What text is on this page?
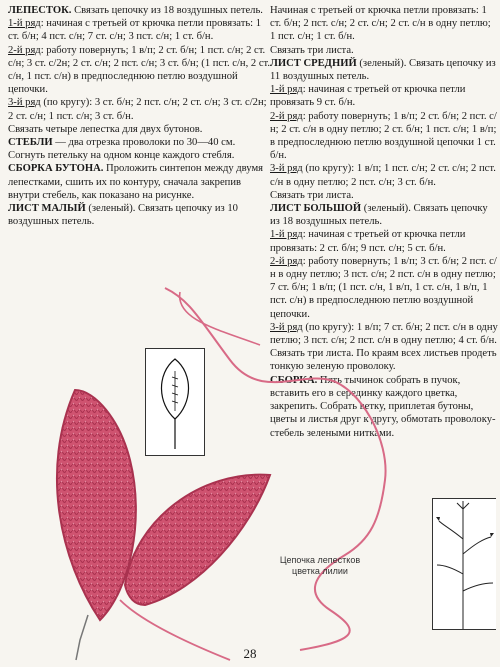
ЛЕПЕСТОК. Связать цепочку из 18 воздушных петель.

1-й ряд: начиная с третьей от крючка петли провязать: 1 ст. б/н; 4 пст. с/н; 7 ст. с/н; 3 пст. с/н; 1 ст. б/н.

2-й ряд: работу повернуть; 1 в/п; 2 ст. б/н; 1 пст. с/н; 2 ст. с/н; 3 ст. с/2н; 2 ст. с/н; 2 пст. с/н; 3 ст. б/н; (1 пст. с/н, 2 ст. с/н, 1 пст. с/н) в предпоследнюю петлю воздушной цепочки.

3-й ряд (по кругу): 3 ст. б/н; 2 пст. с/н; 2 ст. с/н; 3 ст. с/2н; 2 ст. с/н; 1 пст. с/н; 3 ст. б/н.

Связать четыре лепестка для двух бутонов.

СТЕБЛИ — два отрезка проволоки по 30—40 см.

Согнуть петельку на одном конце каждого стебля.

СБОРКА БУТОНА. Проложить синтепон между двумя лепестками, сшить их по контуру, сначала закрепив внутри стебель, как показано на рисунке.

ЛИСТ МАЛЫЙ (зеленый). Связать цепочку из 10 воздушных петель.

Начиная с третьей от крючка петли провязать: 1 ст. б/н; 2 пст. с/н; 2 ст. с/н; 2 ст. с/н в одну петлю; 1 пст. с/н; 1 ст. б/н.

Связать три листа.

ЛИСТ СРЕДНИЙ (зеленый). Связать цепочку из 11 воздушных петель.

1-й ряд: начиная с третьей от крючка петли провязать 9 ст. б/н.

2-й ряд: работу повернуть; 1 в/п; 2 ст. б/н; 2 пст. с/н; 2 ст. с/н в одну петлю; 2 ст. б/н; 1 пст. с/н; 1 в/п; в предпоследнюю петлю воздушной цепочки 1 ст. б/н.

3-й ряд (по кругу): 1 в/п; 1 пст. с/н; 2 ст. с/н; 2 пст. с/н в одну петлю; 2 пст. с/н; 3 ст. б/н.

Связать три листа.

ЛИСТ БОЛЬШОЙ (зеленый). Связать цепочку из 18 воздушных петель.

1-й ряд: начиная с третьей от крючка петли провязать: 2 ст. б/н; 9 пст. с/н; 5 ст. б/н.

2-й ряд: работу повернуть; 1 в/п; 3 ст. б/н; 2 пст. с/н в одну петлю; 3 пст. с/н; 2 пст. с/н в одну петлю; 7 ст. б/н; 1 в/п; (1 пст. с/н, 1 в/п, 1 ст. с/н, 1 в/п, 1 пст. с/н) в предпоследнюю петлю воздушной цепочки.

3-й ряд (по кругу): 1 в/п; 7 ст. б/н; 2 пст. с/н в одну петлю; 3 пст. с/н; 2 пст. с/н в одну петлю; 4 ст. б/н.

Связать три листа. По краям всех листьев продеть тонкую зеленую проволоку.

СБОРКА. Пять тычинок собрать в пучок, вставить его в серединку каждого цветка, закрепить. Собрать ветку, приплетая бутоны, цветы и листья друг к другу, обмотать проволоку-стебель зелеными нитками.

Цепочка лепестков цветка лилии
28
